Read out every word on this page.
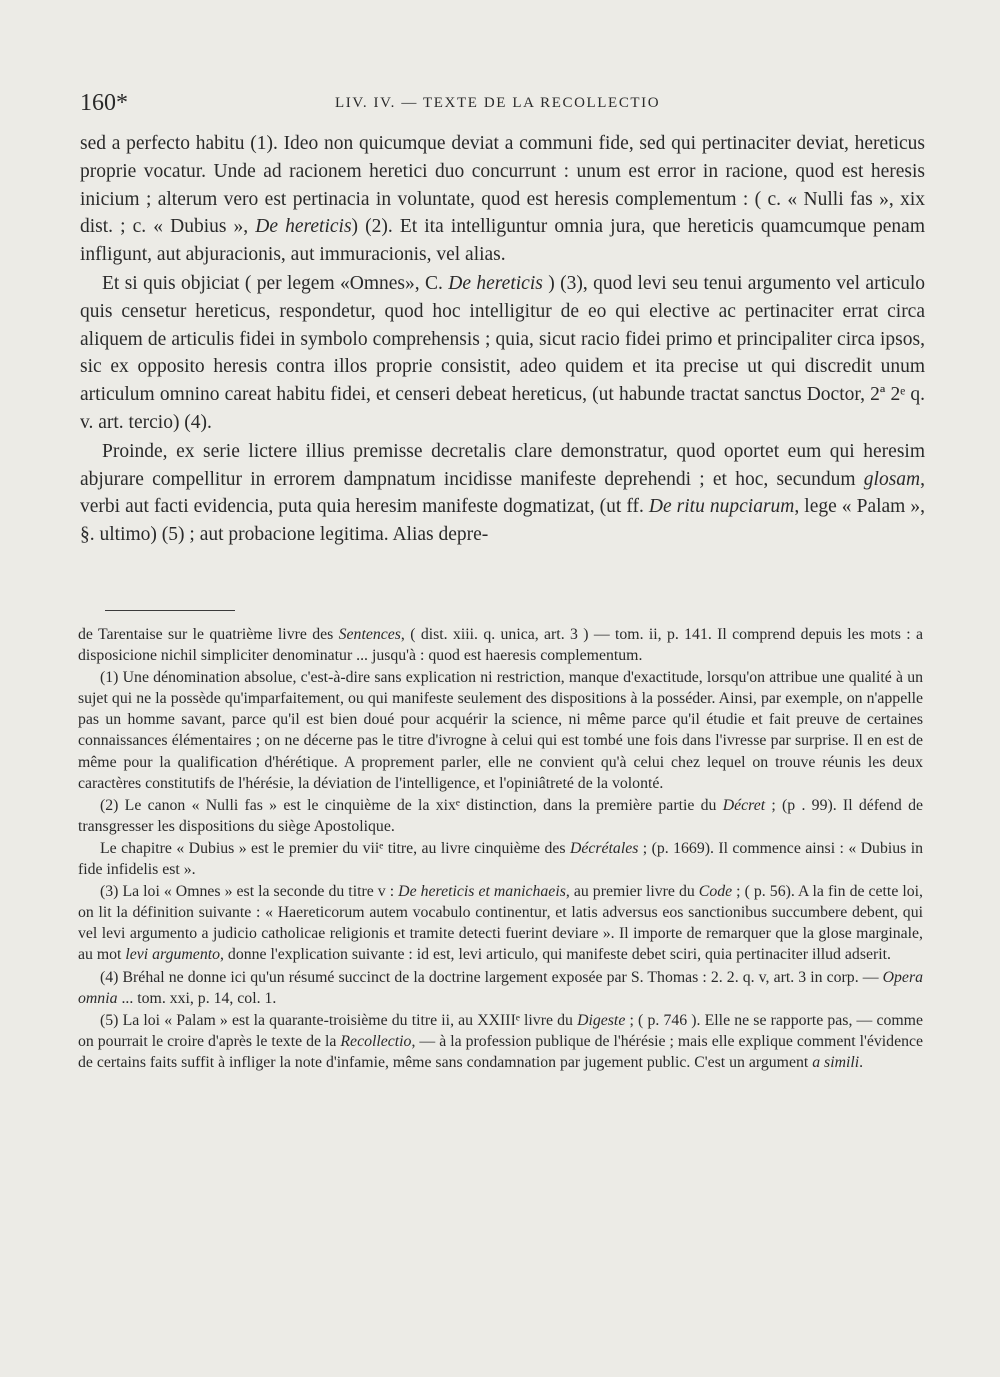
160*	LIV. IV. — TEXTE DE LA RECOLLECTIO

sed a perfecto habitu (1). Ideo non quicumque deviat a communi fide, sed qui pertinaciter deviat, hereticus proprie vocatur. Unde ad racionem heretici duo concurrunt : unum est error in racione, quod est heresis inicium ; alterum vero est pertinacia in voluntate, quod est heresis complementum : ( c. « Nulli fas », xix dist. ; c. « Dubius », De hereticis) (2). Et ita intelliguntur omnia jura, que hereticis quamcumque penam infligunt, aut abjuracionis, aut immuracionis, vel alias.

Et si quis objiciat ( per legem «Omnes», C. De hereticis ) (3), quod levi seu tenui argumento vel articulo quis censetur hereticus, respondetur, quod hoc intelligitur de eo qui elective ac pertinaciter errat circa aliquem de articulis fidei in symbolo comprehensis ; quia, sicut racio fidei primo et principaliter circa ipsos, sic ex opposito heresis contra illos proprie consistit, adeo quidem et ita precise ut qui discredit unum articulum omnino careat habitu fidei, et censeri debeat hereticus, (ut habunde tractat sanctus Doctor, 2ª 2ᵉ q. v. art. tercio) (4).

Proinde, ex serie lictere illius premisse decretalis clare demonstratur, quod oportet eum qui heresim abjurare compellitur in errorem dampnatum incidisse manifeste deprehendi ; et hoc, secundum glosam, verbi aut facti evidencia, puta quia heresim manifeste dogmatizat, (ut ff. De ritu nupciarum, lege « Palam », §. ultimo) (5) ; aut probacione legitima. Alias depre-

de Tarentaise sur le quatrième livre des Sentences, ( dist. xiii. q. unica, art. 3 ) — tom. ii, p. 141. Il comprend depuis les mots : a disposicione nichil simpliciter denominatur ... jusqu'à : quod est haeresis complementum.

(1) Une dénomination absolue, c'est-à-dire sans explication ni restriction, manque d'exactitude, lorsqu'on attribue une qualité à un sujet qui ne la possède qu'imparfaitement, ou qui manifeste seulement des dispositions à la posséder. Ainsi, par exemple, on n'appelle pas un homme savant, parce qu'il est bien doué pour acquérir la science, ni même parce qu'il étudie et fait preuve de certaines connaissances élémentaires ; on ne décerne pas le titre d'ivrogne à celui qui est tombé une fois dans l'ivresse par surprise. Il en est de même pour la qualification d'hérétique. A proprement parler, elle ne convient qu'à celui chez lequel on trouve réunis les deux caractères constitutifs de l'hérésie, la déviation de l'intelligence, et l'opiniâtreté de la volonté.

(2) Le canon « Nulli fas » est le cinquième de la xixᵉ distinction, dans la première partie du Décret ; (p . 99). Il défend de transgresser les dispositions du siège Apostolique.

Le chapitre « Dubius » est le premier du viiᵉ titre, au livre cinquième des Décrétales ; (p. 1669). Il commence ainsi : « Dubius in fide infidelis est ».

(3) La loi « Omnes » est la seconde du titre v : De hereticis et manichaeis, au premier livre du Code ; ( p. 56). A la fin de cette loi, on lit la définition suivante : « Haereticorum autem vocabulo continentur, et latis adversus eos sanctionibus succumbere debent, qui vel levi argumento a judicio catholicae religionis et tramite detecti fuerint deviare ». Il importe de remarquer que la glose marginale, au mot levi argumento, donne l'explication suivante : id est, levi articulo, qui manifeste debet sciri, quia pertinaciter illud adserit.

(4) Bréhal ne donne ici qu'un résumé succinct de la doctrine largement exposée par S. Thomas : 2. 2. q. v, art. 3 in corp. — Opera omnia ... tom. xxi, p. 14, col. 1.

(5) La loi « Palam » est la quarante-troisième du titre ii, au XXIIIᵉ livre du Digeste ; ( p. 746 ). Elle ne se rapporte pas, — comme on pourrait le croire d'après le texte de la Recollectio, — à la profession publique de l'hérésie ; mais elle explique comment l'évidence de certains faits suffit à infliger la note d'infamie, même sans condamnation par jugement public. C'est un argument a simili.
